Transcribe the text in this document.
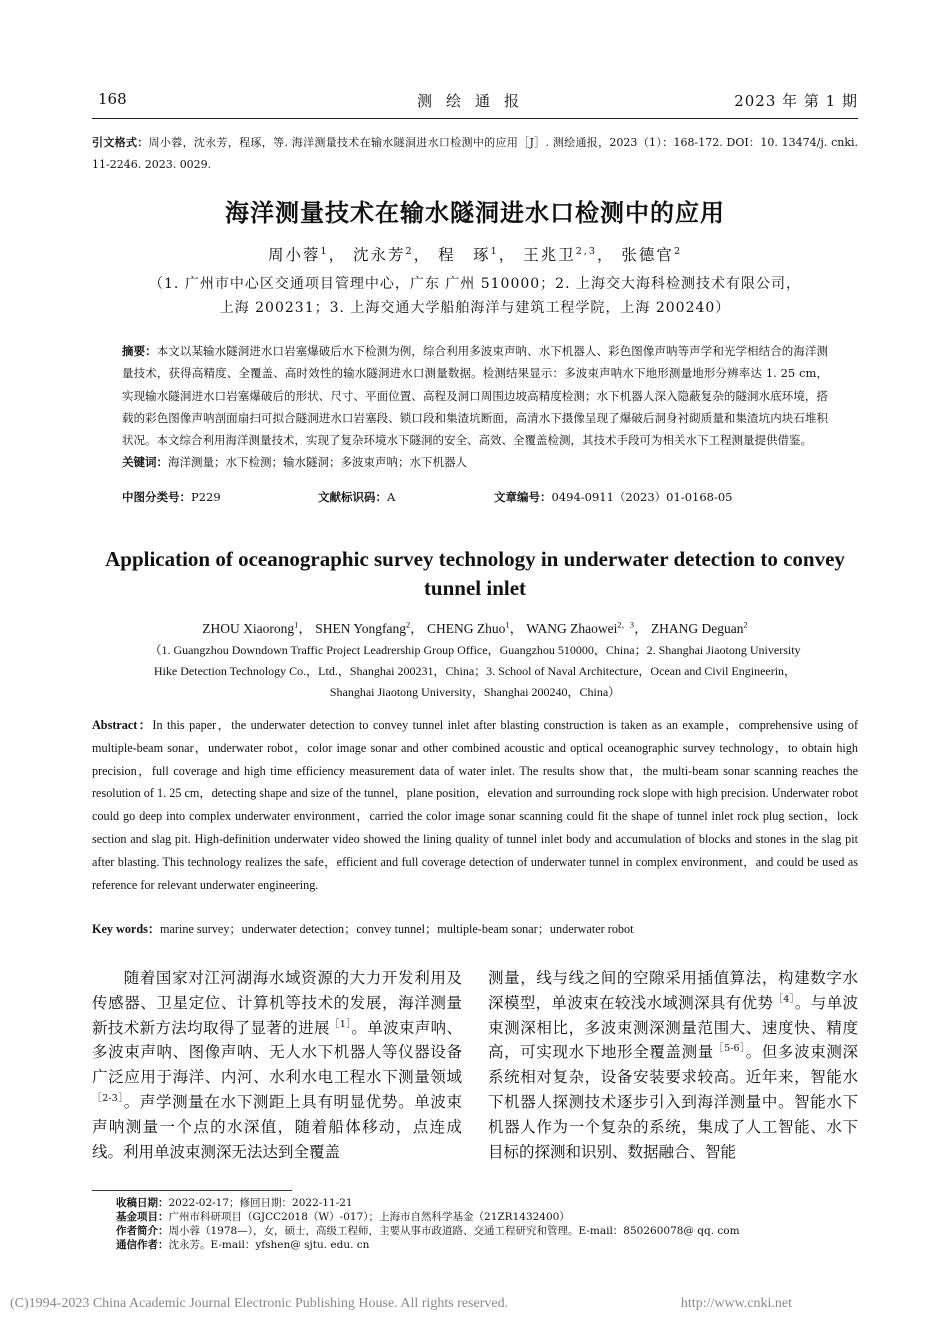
168	测绘通报	2023 年 第 1 期
引文格式：周小蓉，沈永芳，程琢，等. 海洋测量技术在输水隧洞进水口检测中的应用［J］. 测绘通报，2023（1）：168-172. DOI：10. 13474/j. cnki. 11-2246. 2023. 0029.
海洋测量技术在输水隧洞进水口检测中的应用
周小蓉$^1$， 沈永芳$^2$， 程　琢$^1$， 王兆卫$^{2,3}$， 张德官$^2$
（1. 广州市中心区交通项目管理中心，广东 广州 510000；2. 上海交大海科检测技术有限公司，
上海 200231；3. 上海交通大学船舶海洋与建筑工程学院，上海 200240）
摘要：本文以某输水隧洞进水口岩塞爆破后水下检测为例，综合利用多波束声呐、水下机器人、彩色图像声呐等声学和光学相结合的海洋测量技术，获得高精度、全覆盖、高时效性的输水隧洞进水口测量数据。检测结果显示：多波束声呐水下地形测量地形分辨率达 1. 25 cm，实现输水隧洞进水口岩塞爆破后的形状、尺寸、平面位置、高程及洞口周围边坡高精度检测；水下机器人深入隐蔽复杂的隧洞水底环境，搭载的彩色图像声呐剖面扇扫可拟合隧洞进水口岩塞段、锁口段和集渣坑断面，高清水下摄像呈现了爆破后洞身衬砌质量和集渣坑内块石堆积状况。本文综合利用海洋测量技术，实现了复杂环境水下隧洞的安全、高效、全覆盖检测，其技术手段可为相关水下工程测量提供借鉴。
关键词：海洋测量；水下检测；输水隧洞；多波束声呐；水下机器人
中图分类号：P229	文献标识码：A	文章编号：0494-0911（2023）01-0168-05
Application of oceanographic survey technology in underwater detection to convey tunnel inlet
ZHOU Xiaorong$^1$， SHEN Yongfang$^2$， CHENG Zhuo$^1$， WANG Zhaowei$^{2,3}$， ZHANG Deguan$^2$
（1. Guangzhou Downdown Traffic Project Leadrership Group Office，Guangzhou 510000，China；2. Shanghai Jiaotong University
Hike Detection Technology Co.，Ltd.，Shanghai 200231，China；3. School of Naval Architecture，Ocean and Civil Engineerin，
Shanghai Jiaotong University，Shanghai 200240，China）
Abstract：In this paper，the underwater detection to convey tunnel inlet after blasting construction is taken as an example，comprehensive using of multiple-beam sonar，underwater robot，color image sonar and other combined acoustic and optical oceanographic survey technology，to obtain high precision，full coverage and high time efficiency measurement data of water inlet. The results show that，the multi-beam sonar scanning reaches the resolution of 1. 25 cm，detecting shape and size of the tunnel，plane position，elevation and surrounding rock slope with high precision. Underwater robot could go deep into complex underwater environment，carried the color image sonar scanning could fit the shape of tunnel inlet rock plug section，lock section and slag pit. High-definition underwater video showed the lining quality of tunnel inlet body and accumulation of blocks and stones in the slag pit after blasting. This technology realizes the safe，efficient and full coverage detection of underwater tunnel in complex environment，and could be used as reference for relevant underwater engineering.
Key words：marine survey；underwater detection；convey tunnel；multiple-beam sonar；underwater robot
随着国家对江河湖海水域资源的大力开发利用及传感器、卫星定位、计算机等技术的发展，海洋测量新技术新方法均取得了显著的进展$^{[1]}$。单波束声呐、多波束声呐、图像声呐、无人水下机器人等仪器设备广泛应用于海洋、内河、水利水电工程水下测量领域$^{[2-3]}$。声学测量在水下测距上具有明显优势。单波束声呐测量一个点的水深值，随着船体移动，点连成线。利用单波束测深无法达到全覆盖
测量，线与线之间的空隙采用插值算法，构建数字水深模型，单波束在较浅水域测深具有优势$^{[4]}$。与单波束测深相比，多波束测深测量范围大、速度快、精度高，可实现水下地形全覆盖测量$^{[5-6]}$。但多波束测深系统相对复杂，设备安装要求较高。近年来，智能水下机器人探测技术逐步引入到海洋测量中。智能水下机器人作为一个复杂的系统，集成了人工智能、水下目标的探测和识别、数据融合、智能
收稿日期：2022-02-17；修回日期：2022-11-21
基金项目：广州市科研项目（GJCC2018（W）-017）；上海市自然科学基金（21ZR1432400）
作者简介：周小蓉（1978—），女，硕士，高级工程师，主要从事市政道路、交通工程研究和管理。E-mail：850260078@ qq. com
通信作者：沈永芳。E-mail：yfshen@ sjtu. edu. cn
(C)1994-2023 China Academic Journal Electronic Publishing House. All rights reserved.	http://www.cnki.net
